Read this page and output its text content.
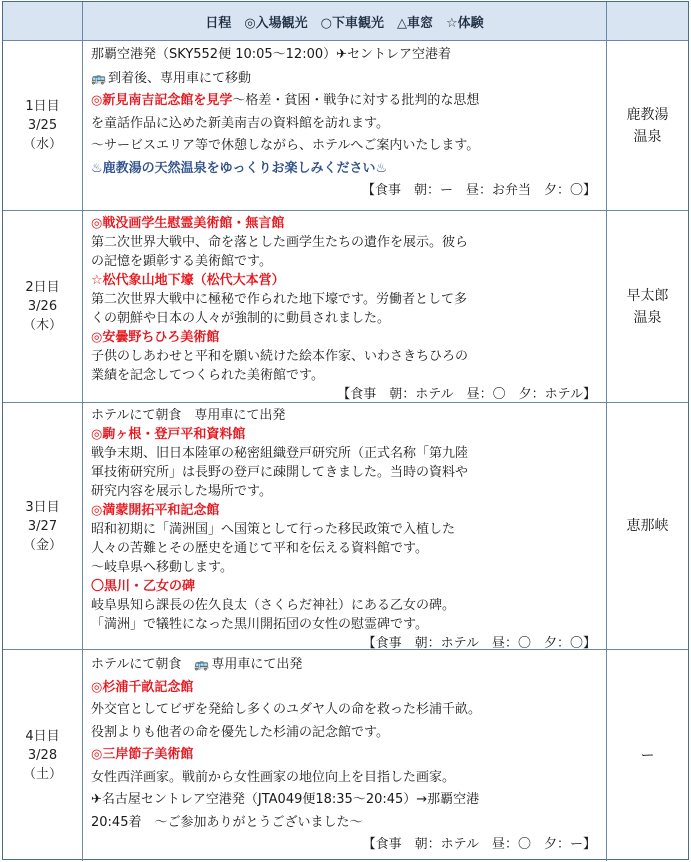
日程　◎入場観光　○下車観光　△車窓　☆体験
1日目
3/25
（水）
那覇空港発（SKY552便 10:05〜12:00）✈セントレア空港着
🚌 到着後、専用車にて移動
◎新見南吉記念館を見学〜格差・貧困・戦争に対する批判的な思想
を童話作品に込めた新美南吉の資料館を訪れます。
〜サービスエリア等で休憩しながら、ホテルへご案内いたします。
♨鹿教湯の天然温泉をゆっくりお楽しみください♨
【食事　朝：ー　昼：お弁当　夕：〇】
鹿教湯
温泉
2日目
3/26
（木）
◎戦没画学生慰霊美術館・無言館
第二次世界大戦中、命を落とした画学生たちの遺作を展示。彼ら
の記憶を顕彰する美術館です。
☆松代象山地下壕（松代大本営）
第二次世界大戦中に極秘で作られた地下壕です。労働者として多
くの朝鮮や日本の人々が強制的に動員されました。
◎安曇野ちひろ美術館
子供のしあわせと平和を願い続けた絵本作家、いわさきちひろの
業績を記念してつくられた美術館です。
【食事　朝：ホテル　昼：〇　夕：ホテル】
早太郎
温泉
3日目
3/27
（金）
ホテルにて朝食　専用車にて出発
◎駒ヶ根・登戸平和資料館
戦争末期、旧日本陸軍の秘密組織登戸研究所（正式名称「第九陸
軍技術研究所」は長野の登戸に疎開してきました。当時の資料や
研究内容を展示した場所です。
◎満蒙開拓平和記念館
昭和初期に「満洲国」へ国策として行った移民政策で入植した
人々の苦難とその歴史を通じて平和を伝える資料館です。
〜岐阜県へ移動します。
〇黒川・乙女の碑
岐阜県知ら課長の佐久良太（さくらだ神社）にある乙女の碑。
「満洲」で犠牲になった黒川開拓団の女性の慰霊碑です。
【食事　朝：ホテル　昼：〇　夕：〇】
恵那峡
4日目
3/28
（土）
ホテルにて朝食　🚌 専用車にて出発
◎杉浦千畝記念館
外交官としてビザを発給し多くのユダヤ人の命を救った杉浦千畝。
役割よりも他者の命を優先した杉浦の記念館です。
◎三岸節子美術館
女性西洋画家。戦前から女性画家の地位向上を目指した画家。
✈名古屋セントレア空港発（JTA049便18:35〜20:45）→那覇空港
20:45着　〜ご参加ありがとうございました〜
【食事　朝：ホテル　昼：〇　夕：ー】
ー
